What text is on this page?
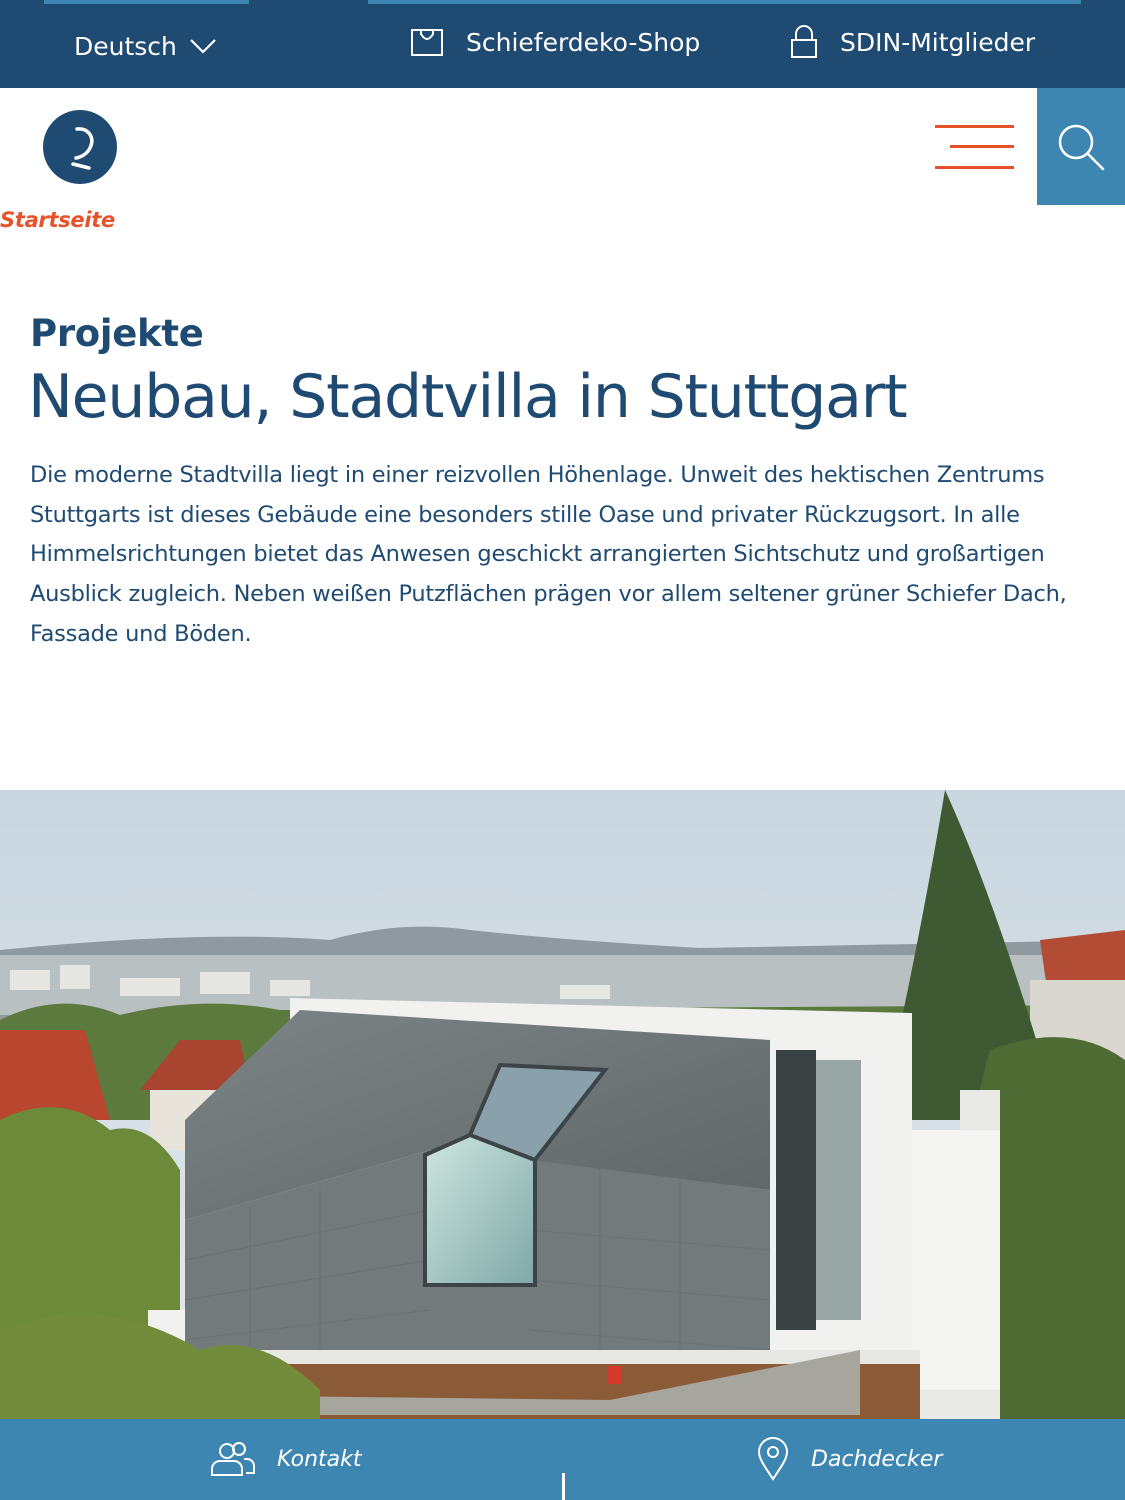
Deutsch	Schieferdeko-Shop	SDIN-Mitglieder
Startseite
Projekte
Neubau, Stadtvilla in Stuttgart

Die moderne Stadtvilla liegt in einer reizvollen Höhenlage. Unweit des hektischen Zentrums Stuttgarts ist dieses Gebäude eine besonders stille Oase und privater Rückzugsort. In alle Himmelsrichtungen bietet das Anwesen geschickt arrangierten Sichtschutz und großartigen Ausblick zugleich. Neben weißen Putzflächen prägen vor allem seltener grüner Schiefer Dach, Fassade und Böden.

Kontakt	Dachdecker
